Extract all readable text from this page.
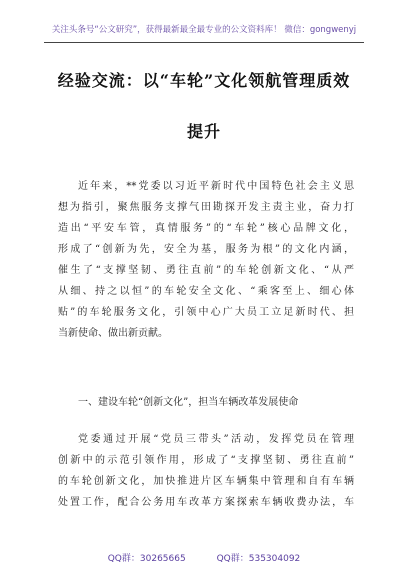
关注头条号“公文研究”，获得最新最全最专业的公文资料库！ 微信：gongwenyj
经验交流：以“车轮”文化领航管理质效
提升
近年来，**党委以习近平新时代中国特色社会主义思
想为指引，聚焦服务支撑气田勘探开发主责主业，奋力打
造出“平安车管，真情服务”的“车轮”核心品牌文化，
形成了“创新为先，安全为基，服务为根”的文化内涵，
催生了“支撑坚韧、勇往直前”的车轮创新文化、“从严
从细、持之以恒”的车轮安全文化、“乘客至上、细心体
贴”的车轮服务文化，引领中心广大员工立足新时代、担
当新使命、做出新贡献。
一、建设车轮“创新文化”，担当车辆改革发展使命
党委通过开展“党员三带头”活动，发挥党员在管理
创新中的示范引领作用，形成了“支撑坚韧、勇往直前”
的车轮创新文化，加快推进片区车辆集中管理和自有车辆
处置工作，配合公务用车改革方案探索车辆收费办法，车
QQ群：30265665	QQ群：535304092
